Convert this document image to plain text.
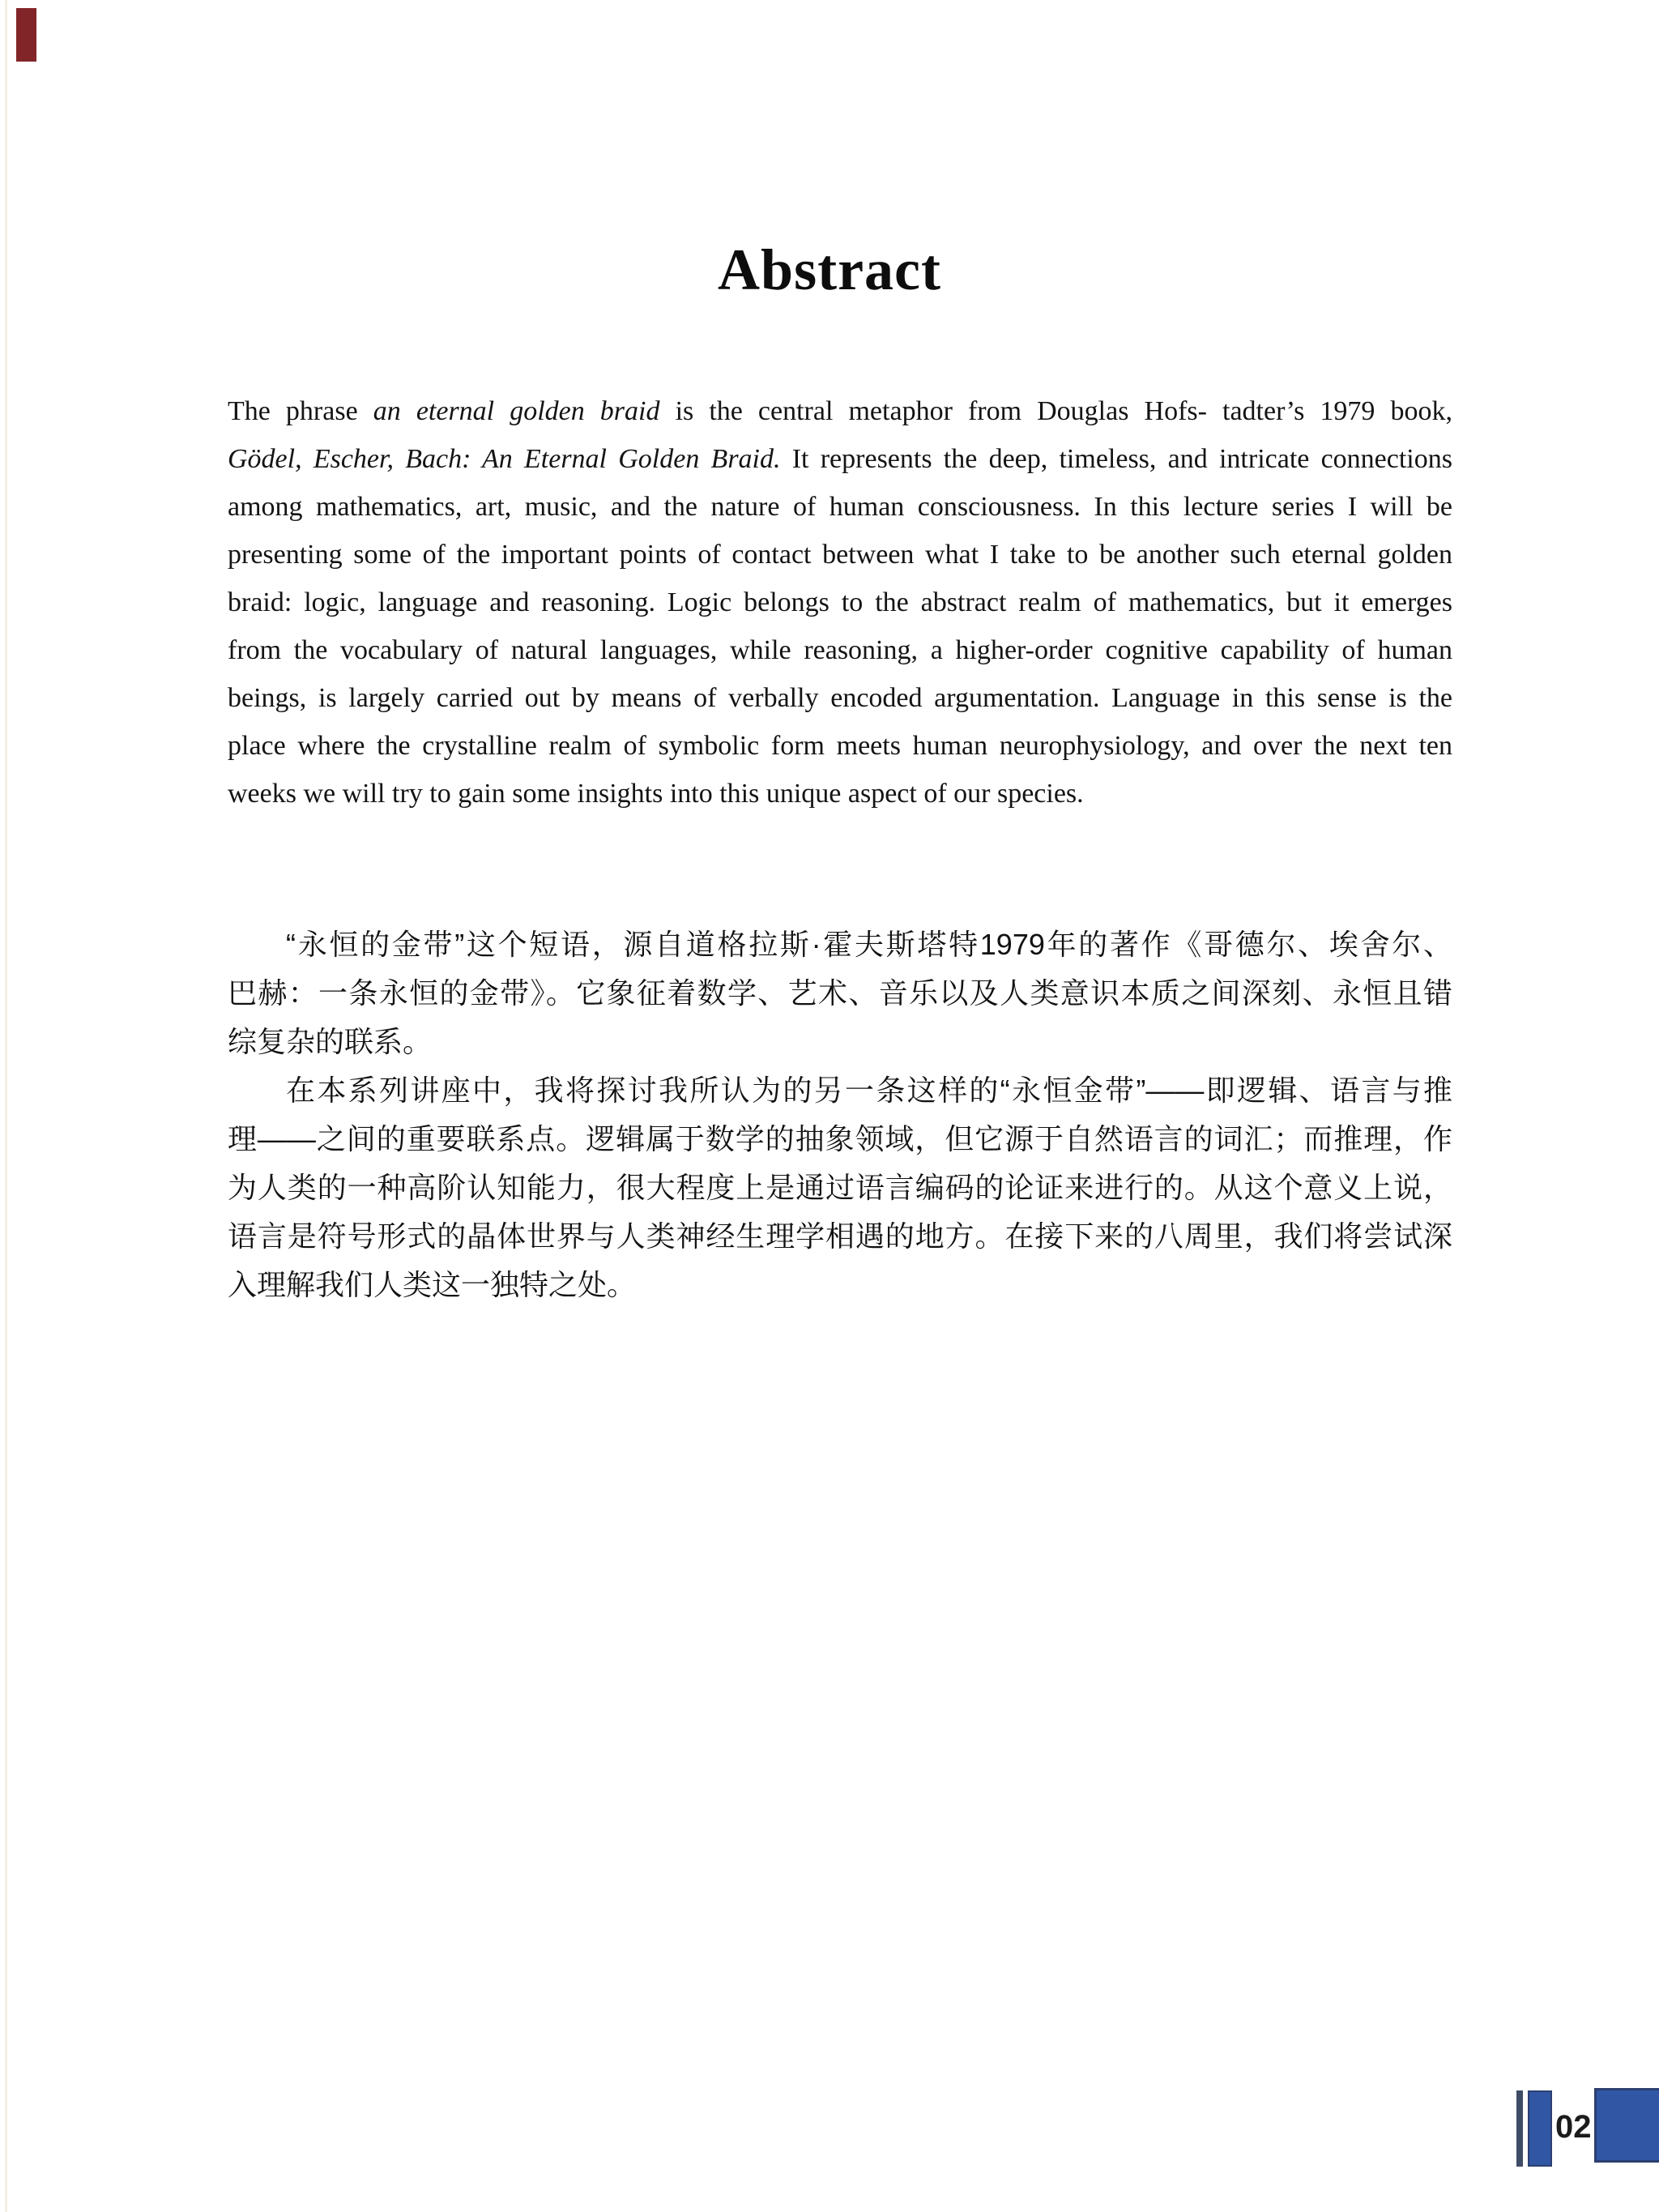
Abstract
The phrase an eternal golden braid is the central metaphor from Douglas Hofs- tadter’s 1979 book,
Gödel, Escher, Bach: An Eternal Golden Braid. It represents the deep, timeless, and intricate connections
among mathematics, art, music, and the nature of human consciousness. In this lecture series I will be
presenting some of the important points of contact between what I take to be another such eternal golden
braid: logic, language and reasoning. Logic belongs to the abstract realm of mathematics, but it emerges
from the vocabulary of natural languages, while reasoning, a higher-order cognitive capability of human
beings, is largely carried out by means of verbally encoded argumentation. Language in this sense is the
place where the crystalline realm of symbolic form meets human neurophysiology, and over the next ten
weeks we will try to gain some insights into this unique aspect of our species.
“永恒的金带”这个短语，源自道格拉斯·霍夫斯塔特1979年的著作《哥德尔、埃舍尔、
巴赫：一条永恒的金带》。它象征着数学、艺术、音乐以及人类意识本质之间深刻、永恒且错
综复杂的联系。
在本系列讲座中，我将探讨我所认为的另一条这样的“永恒金带”——即逻辑、语言与推
理——之间的重要联系点。逻辑属于数学的抽象领域，但它源于自然语言的词汇；而推理，作
为人类的一种高阶认知能力，很大程度上是通过语言编码的论证来进行的。从这个意义上说，
语言是符号形式的晶体世界与人类神经生理学相遇的地方。在接下来的八周里，我们将尝试深
入理解我们人类这一独特之处。
02
